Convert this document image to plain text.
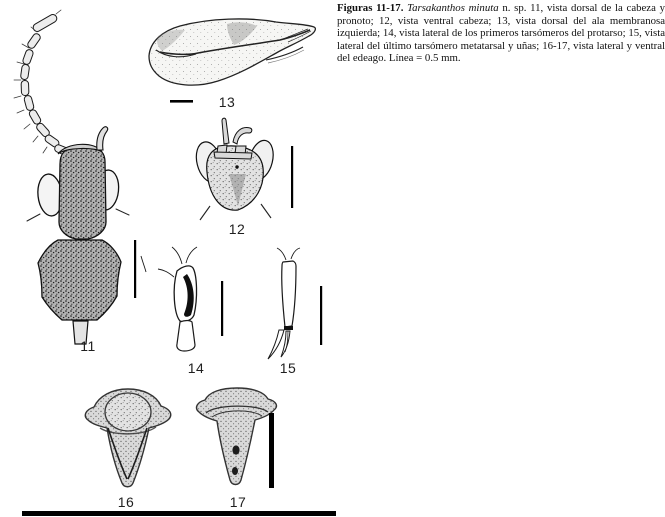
11
12
13
14	15
16	17
Figuras 11-17. Tarsakanthos minuta n. sp. 11, vista dorsal de la cabeza y pronoto; 12, vista ventral cabeza; 13, vista dorsal del ala membranosa izquierda; 14, vista lateral de los primeros tarsómeros del protarso; 15, vista lateral del último tarsómero metatarsal y uñas; 16-17, vista lateral y ventral del edeago. Línea = 0.5 mm.
